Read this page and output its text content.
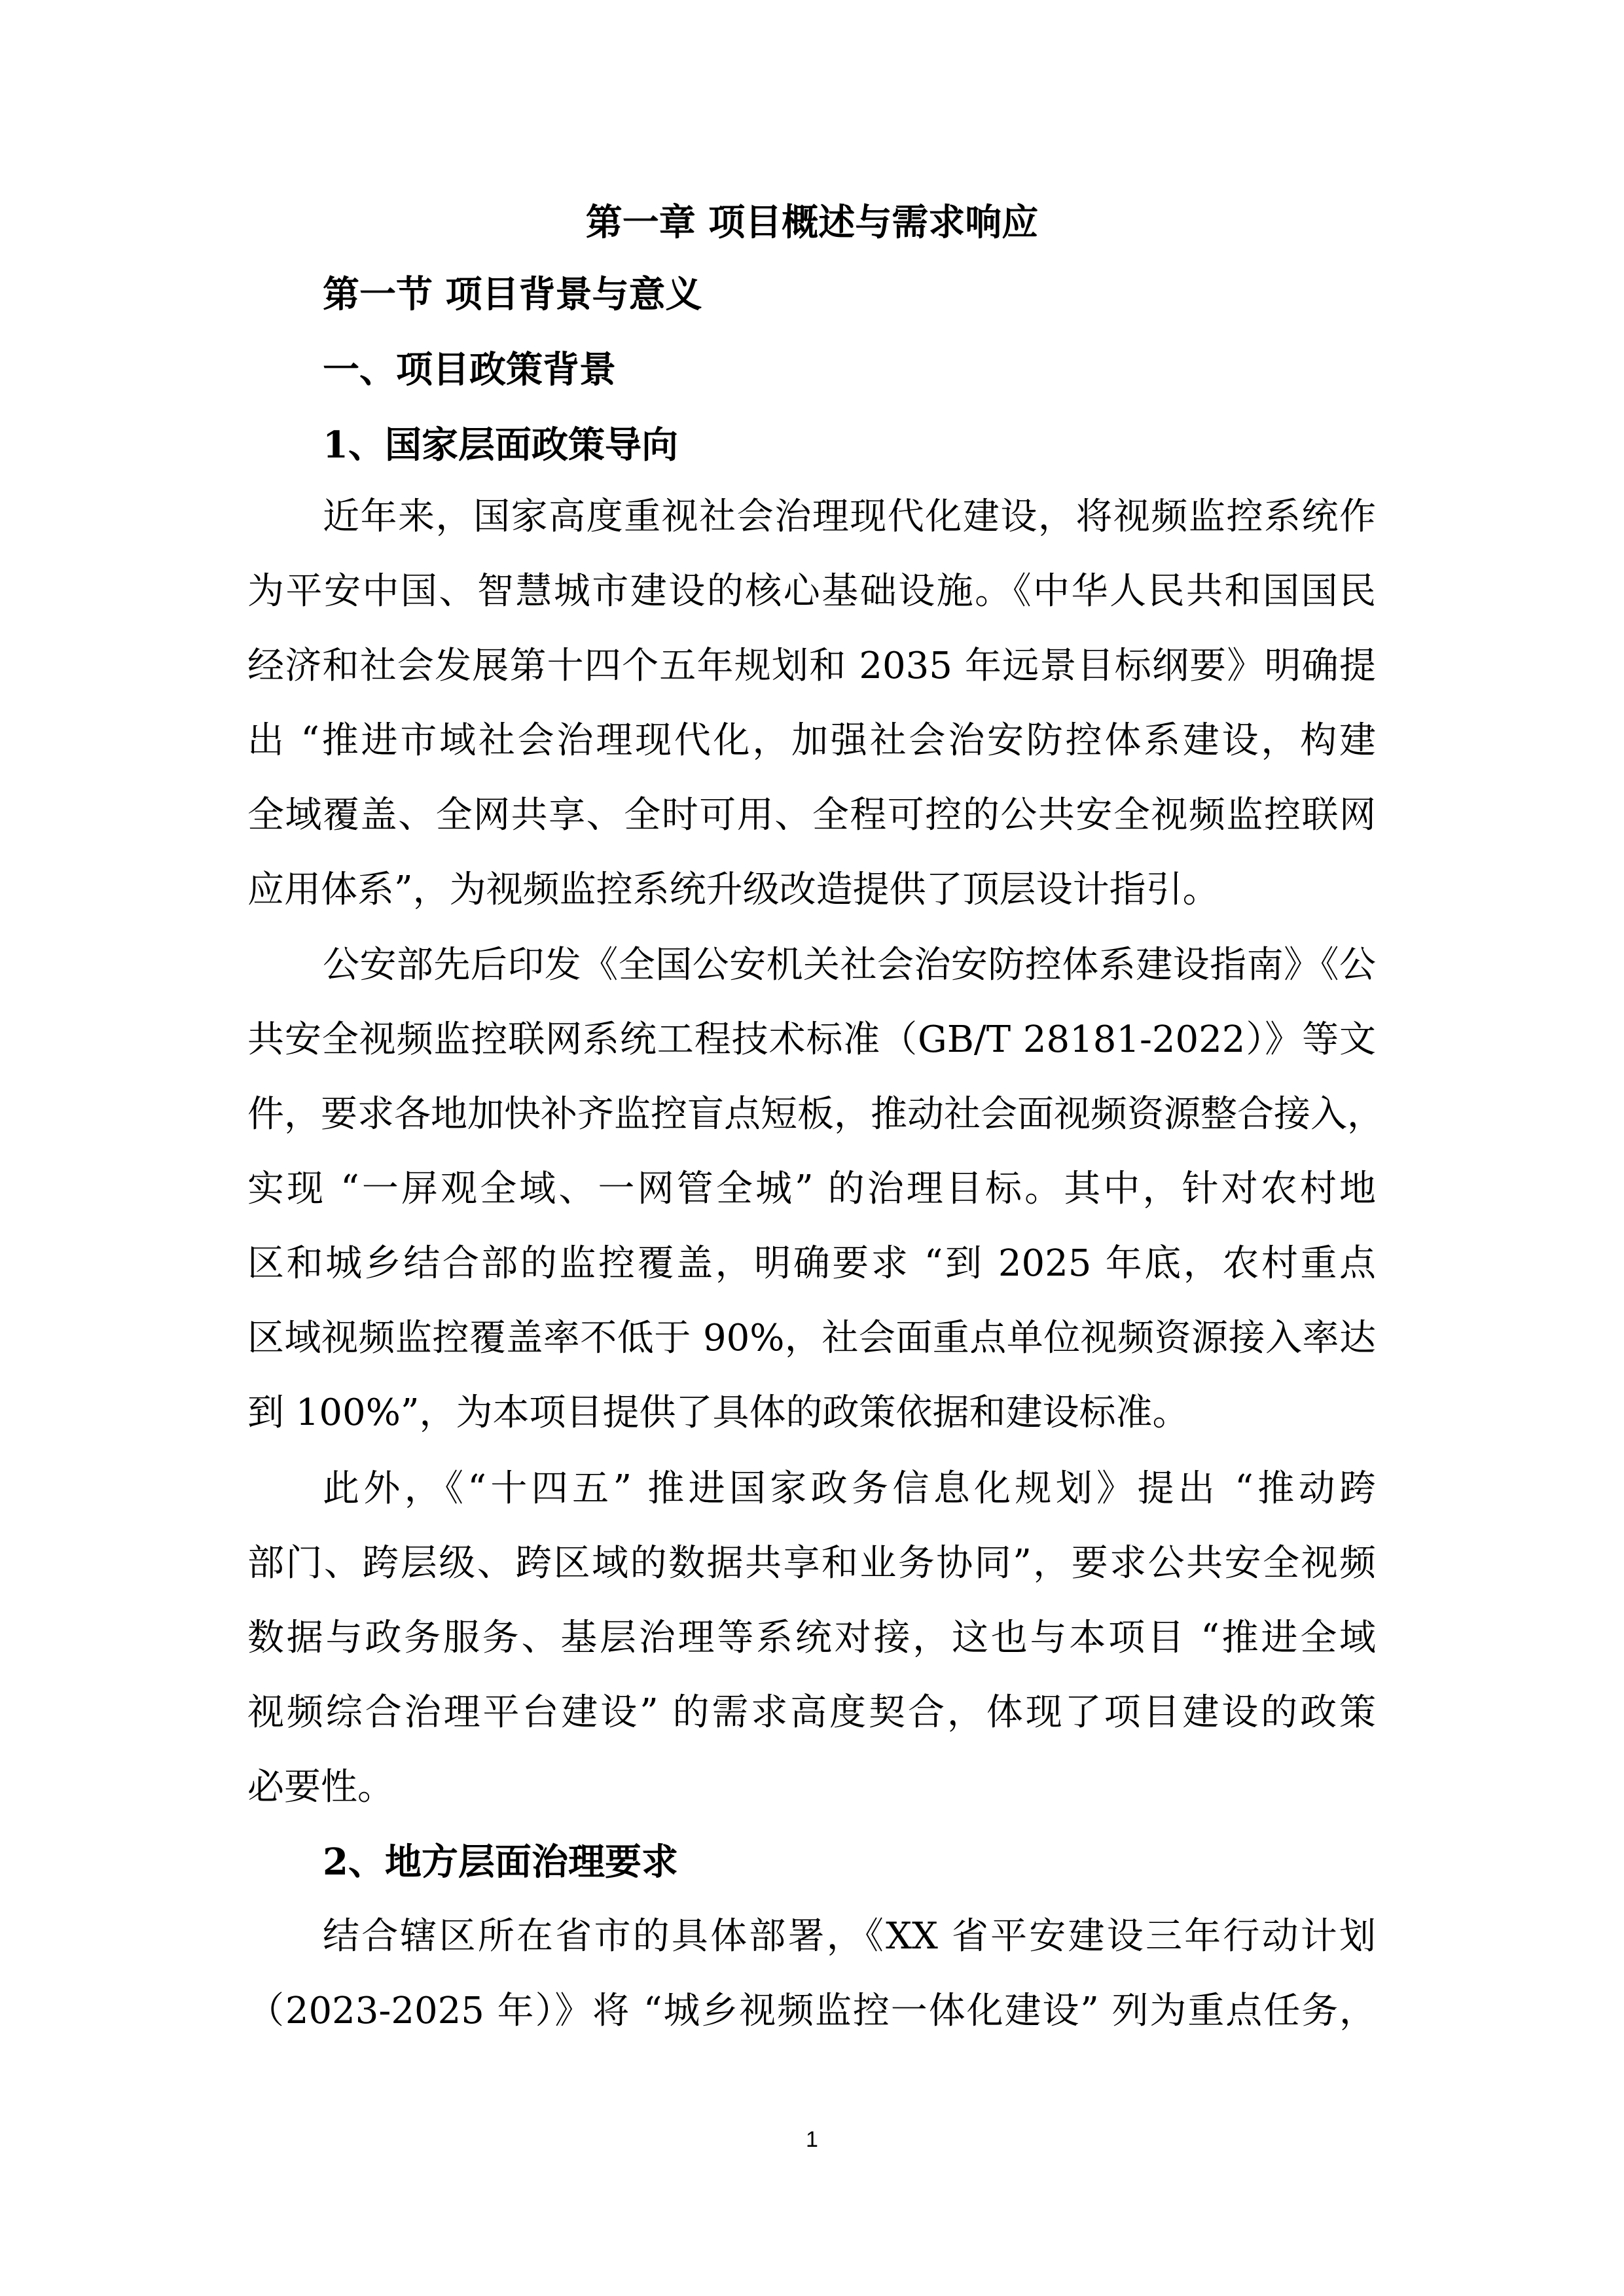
第一章 项目概述与需求响应
第一节 项目背景与意义
一、项目政策背景
1、国家层面政策导向
近年来，国家高度重视社会治理现代化建设，将视频监控系统作
为平安中国、智慧城市建设的核心基础设施。《中华人民共和国国民
经济和社会发展第十四个五年规划和 2035 年远景目标纲要》明确提
出 “推进市域社会治理现代化，加强社会治安防控体系建设，构建
全域覆盖、全网共享、全时可用、全程可控的公共安全视频监控联网
应用体系”，为视频监控系统升级改造提供了顶层设计指引。
公安部先后印发《全国公安机关社会治安防控体系建设指南》《公
共安全视频监控联网系统工程技术标准（GB/T 28181-2022）》等文
件，要求各地加快补齐监控盲点短板，推动社会面视频资源整合接入，
实现 “一屏观全域、一网管全城” 的治理目标。其中，针对农村地
区和城乡结合部的监控覆盖，明确要求 “到 2025 年底，农村重点
区域视频监控覆盖率不低于 90%，社会面重点单位视频资源接入率达
到 100%”，为本项目提供了具体的政策依据和建设标准。
此外，《“十四五” 推进国家政务信息化规划》提出 “推动跨
部门、跨层级、跨区域的数据共享和业务协同”，要求公共安全视频
数据与政务服务、基层治理等系统对接，这也与本项目 “推进全域
视频综合治理平台建设” 的需求高度契合，体现了项目建设的政策
必要性。
2、地方层面治理要求
结合辖区所在省市的具体部署，《XX 省平安建设三年行动计划
（2023-2025 年）》将 “城乡视频监控一体化建设” 列为重点任务，
1
